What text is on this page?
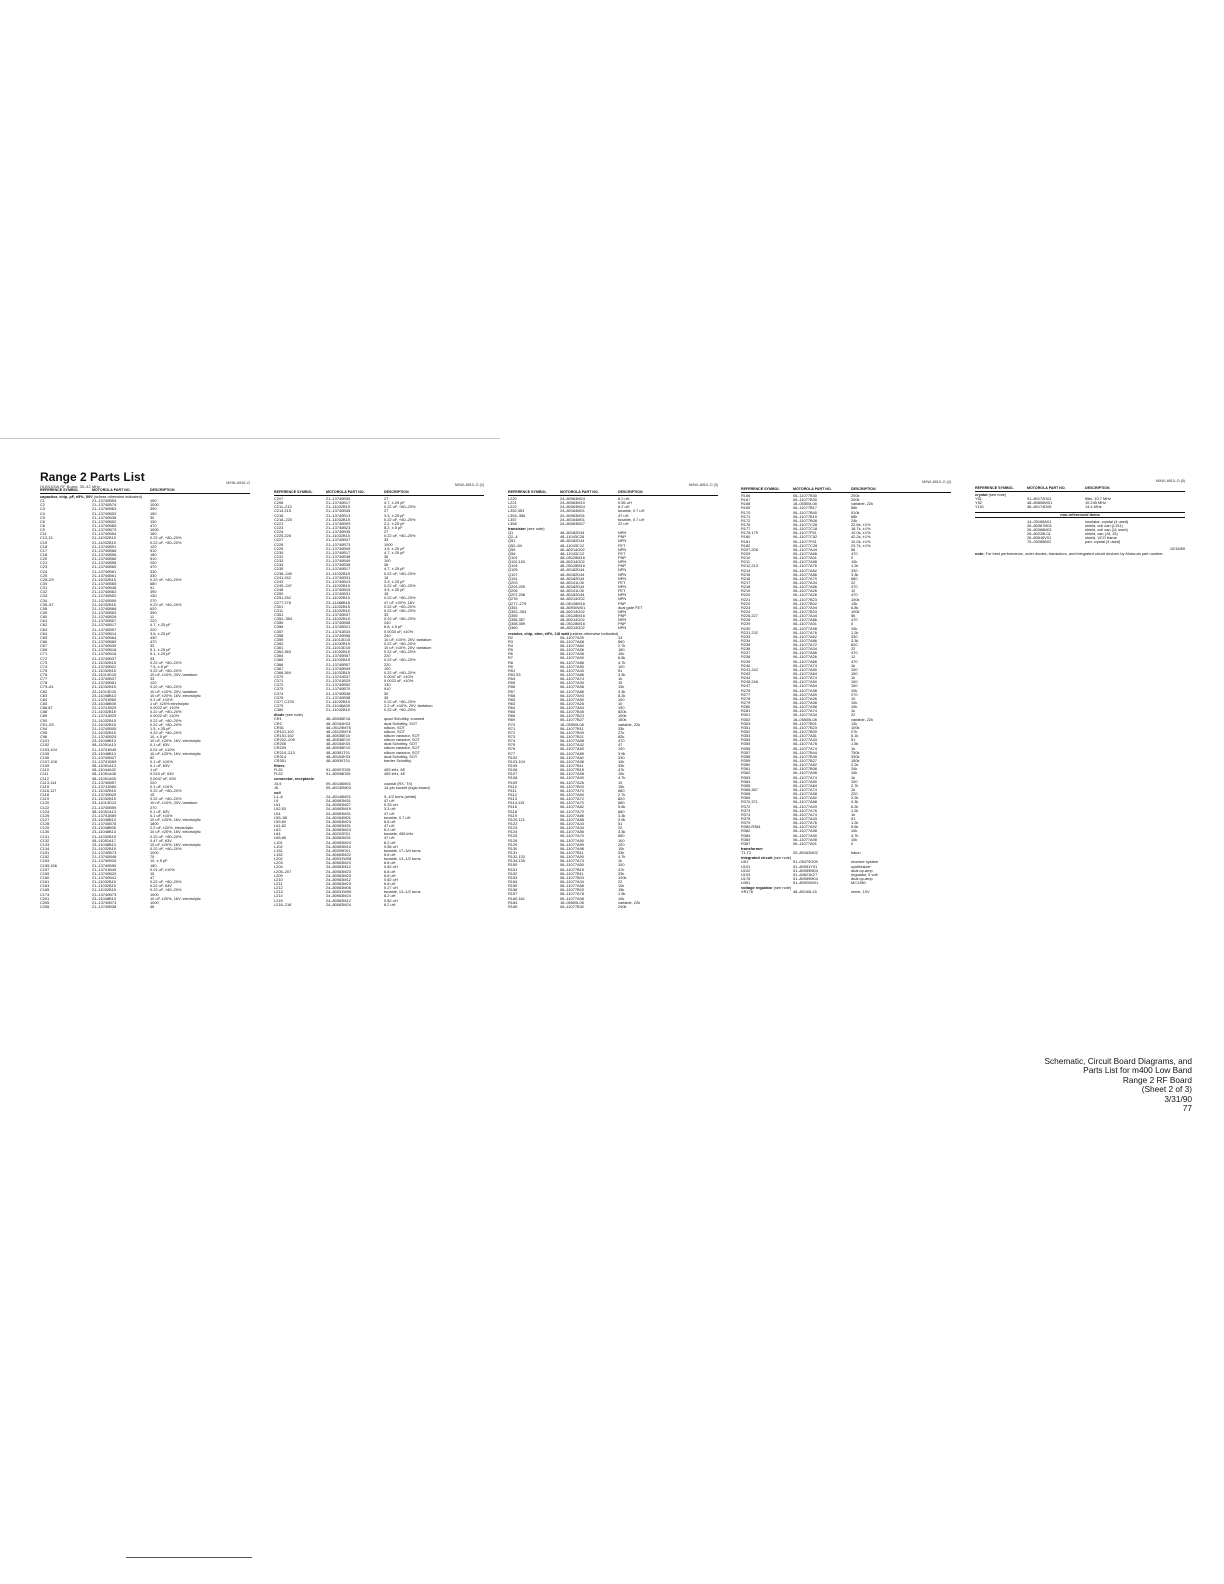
Range 2 Parts List
HLB4100A RF Board, 35–42 MHz
MXW–6910–O
REFERENCE SYMBOL	MOTOROLA PART NO.	DESCRIPTION
capacitor, chip, pF, ±5%, 50V (unless otherwise indicated)
C1	21–13740B53	150
C2	21–13740B74	1000
C3	21–13740B63	390
C4	21–13740B53	150
C5	21–13740B36	30
C6	21–13740B52	130
C8	21–13740B65	470
C9	21–13740B73	1000
C11	21–13740B54	160
C12,13	21–11032B15	0.22 uF, +80–20%
C15	21–11032B15	0.22 uF, +80–20%
C16	21–13740B51	120
C17	21–13740B66	510
C18	21–13740B56	180
C20	21–13740B66	510
C21	21–13740B58	200
C23	21–13740B65	470
C24	21–13740B61	330
C25	21–13740B61	330
C26–29	21–11032B15	0.22 uF, +80–20%
C30	21–13740B65	680
C31	21–13740B48	91
C32	21–13740B63	390
C33	21–13740B52	130
C34	21–13740B59	270
C35–57	21–11032B15	0.22 uF, +80–20%
C58	21–13740B68	620
C59	21–13740B63	390
C60	21–13740B26	11
C61	21–13740B57	220
C62	21–13740B17	4.7, ±.25 pF
C63	21–13740B57	220
C64	21–13740B14	3.6, ±.25 pF
C65	21–13740B64	430
C66	21–13740B65	470
C67	21–13740B39	33
C69	21–13740B18	5.1, ±.25 pF
C71	21–13740B16	5.1, ±.25 pF
C72	21–13740B37	33
C73	21–11032B15	0.22 uF, +80–20%
C74	21–13740B22	7.5, ±.5 pF
C75	21–11032B15	0.22 uF, +80–20%
C76	23–11013D15	10 uF, ±10%, 20V, tantalum
C77	21–13740B37	33
C78	21–13740B51	120
C79–81	21–11032B15	0.22 uF, +80–20%
C82	23–11013D15	10 uF, ±10%, 20V, tantalum
C83	23–11048B13	10 uF, ±20%, 16V, electrolytic
C84	21–13741B69	0.1 uF, ±10%
C85	23–11048B05	1 uF, ±20% electrolytic
C86,87	21–13741B29	0.0022 uF, ±10%
C88	21–11032B15	0.22 uF, +80–20%
C89	21–13741B29	0.0022 uF, ±10%
C90	21–11032B15	0.22 uF, +80–20%
C91–93	21–11032B15	0.22 uF, +80–20%
C94	21–13740B05	1.5, ±.25 pF
C95	21–11032B15	0.22 uF, +80–20%
C96	21–13740B25	10, ±.5 pF
C101	23–11048B13	10 uF, ±20%, 16V, electrolytic
C102	08–11051A13	0.1 uF, 63V
C103,104	21–13741B45	0.01 uF, ±10%
C105	23–11048B13	10 uF, ±20%, 16V, electrolytic
C106	21–13740B47	82
C107,108	21–13741B69	0.1 uF, ±10%
C109	08–11051A13	0.1 uF, 63V
C110	08–11044A32	1 uF
C111	08–11051A08	0.015 uF, 63V
C112	08–11051A05	0.0047 uF, 63V
C113,114	21–13740B57	220
C115	21–13741B69	0.1 uF, ±10%
C116,117	21–11032B15	0.22 uF, +80–20%
C118	21–13740B29	15
C119	21–11032B15	0.22 uF, +80–20%
C120	23–11013D13	10 uF, ±10%, 20V, tantalum
C122	21–13740B59	270
C124	08–11051A13	0.1 uF, 63V
C125	21–13741B69	0.1 uF, ±10%
C127	23–11048B13	10 uF, ±20%, 16V, electrolytic
C128	21–13740B78	1800
C129	23–11048B05	2.2 uF, ±20%, electrolytic
C130	23–11048B13	10 uF, ±20%, 16V, electrolytic
C131	21–11032B15	0.22 uF, +80–20%
C132	08–11051A17	0.47 uF, 63V
C133	23–11048B13	10 uF, ±20%, 16V, electrolytic
C134	21–11032B15	0.22 uF, +80–20%
C151	21–13740B73	1000
C152	21–13740B48	75
C153	21–13740B25	10, ±.5 pF
C155,156	21–13740B55	180
C157	21–13741B45	0.01 uF, ±10%
C159	21–13740B29	15
C160	21–13740B41	47
C161	21–11032B15	0.22 uF, +80–20%
C163	21–11032B15	0.22 uF, 63V
C165	21–11032B15	0.22 uF, +80–20%
C174	21–13740B73	1000
C201	23–11048B13	10 uF, ±20%, 16V, electrolytic
C205	21–13740B73	1000
C206	21–13740B38	36
MXW–6910–O (2)
REFERENCE SYMBOL	MOTOROLA PART NO.	DESCRIPTION
C207	21–13740B35	27
C208	21–13740B17	4.7, ±.25 pF
C211–213	21–11032B15	0.22 uF, +80–20%
C214,215	21–13740B35	27
C216	21–13740B13	3.3, ±.25 pF
C218–220	21–11032B15	0.22 uF, +80–20%
C221	21–13740B09	2.2, ±.25 pF
C223	21–13740B23	8.2, ±.5 pF
C224	21–13740B35	27
C225,226	21–11032B15	0.22 uF, +80–20%
C227	21–13740B37	33
C228	21–13740B73	1000
C229	21–13740B05	1.5, ±.25 pF
C230	21–13740B17	4.7, ±.25 pF
C231	21–13740B38	36
C233	21–13740B49	100
C234	21–13740B38	36
C235	21–13740B17	4.7, ±.25 pF
C236–240	21–11032B15	0.22 uF, +80–20%
C241,242	21–13740B31	18
C243	21–13740B13	3.3, ±.25 pF
C245–247	21–11032B15	0.22 uF, +80–20%
C248	21–13740B15	3.9, ±.25 pF
C250	21–13740B31	18
C251,252	21–11032B15	0.22 uF, +80–20%
C277,278	23–11488B18	47 uF, ±20%, 16V
C301	21–11032B15	0.22 uF, +80–20%
C311	21–11032B15	0.22 uF, +80–20%
C351	21–13740B37	33
C352–354	21–11032B15	0.22 uF, +80–20%
C355	21–13740B58	240
C356	21–13740B21	6.8, ±.5 pF
C357	21–13741B33	0.0033 uF, ±10%
C358	21–13740B58	240
C359	23–11013D15	10 uF, ±10%, 20V, tantalum
C360	21–11032B15	0.22 uF, +80–20%
C361	23–11013D15	10 uF, ±10%, 20V, tantalum
C362,363	21–11032B15	0.22 uF, +80–20%
C364	21–13740B57	220
C365	21–11032B15	0.22 uF, +80–20%
C366	21–13740B57	220
C367	21–13740B49	100
C368,369	21–11032B15	0.22 uF, +80–20%
C370	21–13741B37	0.0047 uF, ±10%
C371	21–13741B29	0.0022 uF, ±10%
C372	21–13740B52	130
C373	21–13740B70	910
C374	21–13740B36	30
C376	21–13740B38	36
C377,C378	21–11032B15	0.22 uF, +80–20%
C379	23–11048A09	2.2 uF, ±10%, 20V, tantalum
C380	21–11032B15	0.22 uF, +80–20%
diode (see note)
CR1	48–80036E16	quad Schottky, crossed
CR2	48–80154K03	dual Schottky, SOT
CR51	48–05129M76	silicon, SOT
CR101,102	48–05129M76	silicon, SOT
CR151,152	48–80036E10	silicon varactor, SOT
CR202–205	48–80036E10	silicon varactor, SOT
CR206	48–80154K03	dual Schottky, SOT
CR209	48–80036E10	silicon varactor, SOT
CR210–213	48–80391T01	silicon varactor, SOT
CR314	48–80154K03	dual Schottky, SOT
CR351	48–80939T01	barrier Schottky
filters
FL51	91–80097D05	455 kHz, 6E
FL52	91–80098D05	455 kHz, 4E
connector, receptacle
J4,5	09–80136M01	coaxial (RX, TX)
J6	09–80130M03	14-pin socket (logic board)
coil
L1–8	24–80148M21	9–1/2 turns (white)
L9	24–80063M31	47 uH
L51	24–80063M27	0.33 uH
L52,53	24–80063M19	3.3 uH
L54	24–80063M31	47 uH
L55–58	24–80164M01	tunable, 0.7 uH
L59,60	24–80063M23	6.8 uH
L61,62	24–80063M31	47 uH
L63	24–80063M24	8.2 uH
L64	24–80202E01	tunable, 455 kHz
L65,66	24–80063M31	47 uH
L101	24–80063M24	8.2 uH
L102	24–80063M10	0.56 uH
L151	24–80209D01	tunable, 17–3/4 turns
L152	24–80063M22	5.6 uH
L202	24–80031W08	tunable, 13–1/2 turns
L203	24–80063M23	6.8 uH
L204	24–80063M12	0.82 uH
L205–207	24–80063M23	6.8 uH
L209	24–80063M23	6.8 uH
L210	24–80063M12	0.82 uH
L211	24–80063M23	6.8 uH
L212	24–80063M06	0.27 uH
L213	24–80031W06	tunable, 13–1/2 turns
L214	24–80063M24	8.2 uH
L215	24–80063M12	0.82 uH
L216–218	24–80063M24	8.2 uH
MXW–6910–O (3)
REFERENCE SYMBOL	MOTOROLA PART NO.	DESCRIPTION
L220	24–80063M24	8.2 uH
L221	24–80063M10	0.56 uH
L222	24–80063M24	8.2 uH
L352,353	24–80164M01	tunable, 0.7 uH
L354–356	24–80063M31	47 uH
L357	24–80164M01	tunable, 0.7 uH
L358	24–80063M27	22 uH
transistor (see note)
Q1	48–80182D44	NPN
Q2–4	48–11043C26	PNP
Q51	48–80182D44	NPN
Q52–54	48–11043C12	FET
Q55	48–80214G02	NPN
Q56	48–11043C12	FET
Q101	48–05128M16	PNP
Q102,103	48–80214G02	NPN
Q104	48–05128M16	PNP
Q105	48–80182D44	NPN
Q107	48–80182D44	NPN
Q151	48–80182D44	NPN
Q203	48–80141L06	FET
Q204,205	48–80182D44	NPN
Q206	48–80141L06	FET
Q207,208	48–80182D44	NPN
Q276	48–80214G02	NPN
Q277–279	48–05128M16	PNP
Q351	48–80930W01	dual gate FET
Q352–354	48–80214G02	NPN
Q355	48–05128M16	PNP
Q356,357	48–80214G02	NPN
Q358,359	48–05128M16	PNP
Q360	48–80214G02	NPN
resistor, chip, ohm, ±5%, 1/8 watt (unless otherwise indicated)
R2	06–11077A29	13
R3	06–11077A68	560
R4	06–11077A84	2.7k
R5	06–11077A56	180
R6	06–11077A98	10k
R7	06–11077A90	6.8k
R8	06–11077A88	4.7k
R9	06–11077A50	100
R51	06–11077A43	51
R52,53	06–11077A86	3.3k
R54	06–11077A74	1k
R55	06–11077A30	15
R56	06–11077A98	10k
R57	06–11077A86	3.3k
R58	06–11077A93	8.2k
R60	06–11077A50	100
R63	06–11077A26	10
R64	06–11077A54	150
R65	06–11077B45	820k
R66	06–11077B23	100k
R69	06–11077B27	150k
R70	18–05500L08	variable, 22k
R71	06–11077B11	33k
R72	06–11077B09	27k
R73	06–11077B21	82k
R74	06–11077A88	470
R75	06–11077A42	47
R76	06–11077A50	100
R77	06–11077A89	3.9k
R102	06–11077A62	330
R103,104	06–11077A98	10k
R105	06–11077B11	33k
R106	06–11077B15	47k
R107	06–11077A98	10k
R108	06–11077A90	4.7k
R109	06–11077A26	10
R110	06–11077B03	15k
R111	06–11077A70	680
R112	06–11077A84	2.7k
R113	06–11077A72	820
R114,115	06–11077A70	680
R116	06–11077A82	5.6k
R118	06–11077A70	680
R119	06–11077A86	3.3k
R120,121	06–11077A88	3.9k
R122	06–11077A43	51
R123	06–11077A34	22
R124	06–11077A86	3.3k
R125	06–11077A70	680
R126	06–11077A50	100
R129	06–11077A59	220
R130	06–11077A98	10k
R131	06–11077B11	33k
R132,133	06–11077A90	4.7k
R134,135	06–11077A74	1k
R150	06–11077A50	100
R151	06–11077B15	47k
R152	06–11077B11	33k
R153	06–11077B03	100k
R154	06–11077A34	22
R155	06–11077A98	10k
R156	06–11077B03	15k
R157	06–11077A78	1.5k
R160,161	06–11077A98	10k
R164	18–05500L08	variable, 22k
R165	06–11077B32	240k
MXW–6910–O (4)
REFERENCE SYMBOL	MOTOROLA PART NO.	DESCRIPTION
R166	06–11077B30	200k
R167	06–11077B30	200k
R168	18–05500L08	variable, 22k
R169	06–11077B17	56k
R170	06–11077B40	510k
R171	06–11077B19	68k
R172	06–11077B08	24k
R176	06–11077C26	22.6k, ±1%
R177	06–11077C18	18.7k, ±1%
R178,179	06–11077F51	10.0k, ±1%
R180	06–11077C52	42.2k, ±1%
R181	06–11077F51	10.0k, ±1%
R182	06–11077C28	23.7k, ±1%
R207,208	06–11077A44	56
R209	06–11077A66	470
R210	06–11077A01	0
R211	06–11077A98	10k
R212,213	06–11077A76	1.2k
R214	06–11077A62	330
R215	06–11077A86	3.3k
R216	06–11077A70	680
R217	06–11077A34	22
R218	06–11077A66	470
R219	06–11077A26	12
R220	06–11077A26	470
R221	06–11077B23	100k
R222	06–11077B02	13k
R223	06–11077A94	6.8k
R224	06–11077B23	100k
R226,227	06–11077A44	56
R228	06–11077A66	470
R229	06–11077A01	0
R230	06–11077A98	10k
R231,232	06–11077A76	1.2k
R233	06–11077A62	330
R234	06–11077A86	3.3k
R235	06–11077A72	820
R236	06–11077A34	22
R237	06–11077A66	470
R238	06–11077A26	12
R239	06–11077A66	470
R240	06–11077A74	1k
R241,242	06–11077A50	100
R243	06–11077A54	150
R244	06–11077A74	1k
R245,246	06–11077A50	100
R247	06–11077A54	150
R276	06–11077A98	10k
R277	06–11077A59	270
R278	06–11077A26	10
R279	06–11077A98	10k
R280	06–11077A98	10k
R281	06–11077A74	1k
R301	06–11077A34	22
R302	18–05500L08	variable, 22k
R303	06–11077B01	12k
R351	06–11077B23	100k
R352	06–11077B09	27k
R353	06–11077A81	5.1k
R354	06–11077A43	51
R355	06–11077A78	1.5k
R356	06–11077A74	1k
R357	06–11077B44	750k
R358	06–11077B35	330k
R359	06–11077B27	150k
R360	06–11077A82	2.2k
R361	06–11077B08	24k
R362	06–11077A98	10k
R363	06–11077A74	1k
R364	06–11077A50	100
R365	06–11077A84	2.7k
R366,367	06–11077A74	1k
R368	06–11077A58	220
R369	06–11077A82	2.2k
R370,371	06–11077A88	4.3k
R372	06–11077A93	6.2k
R373	06–11077A76	1.2k
R374	06–11077A74	1k
R375	06–11077A43	51
R379	06–11077A76	1.2k
R380,R381	06–11077A92	5.6k
R382	06–11077A98	10k
R383	06–11077A90	4.7k
R384	06–11077A98	10k
R387	06–11077A01	0
transformer
T1,T2	25–80162M02	balun
integrated circuit (see note)
U51	51–05479G05	receiver system
U101	51–80051Y01	synthesizer
U102	51–80059M04	dual op-amp
U103	51–84621K27	regulator, 5 volt
U176	51–80059M04	dual op-amp
U351	51–80929W01	MC1350
voltage regulator (see note)
VR176	48–80140L15	zener, 10V
MXW–6910–O (5)
REFERENCE SYMBOL	MOTOROLA PART NO.	DESCRIPTION
crystal (see note)
Y51	91–80172D01	filter, 10.7 MHz
Y52	48–80808W01	10.245 MHz
Y151	48–80174D05	14.4 MHz
non-referenced items
14–05168A01	insulator, crystal (4 used)
26–80067M01	shield, coil can (L151)
26–80068M01	shield, coil can (11 used)
26–80228L01	shield, can (J4, J5)
26–80616V01	shield, VCO frame
75–05285B02	pad, crystal (4 used)
10/15/89
note: For best performance, order diodes, transistors, and integrated circuit devices by Motorola part number.
Schematic, Circuit Board Diagrams, and
Parts List for m400 Low Band
Range 2 RF Board
(Sheet 2 of 3)
3/31/90
77
